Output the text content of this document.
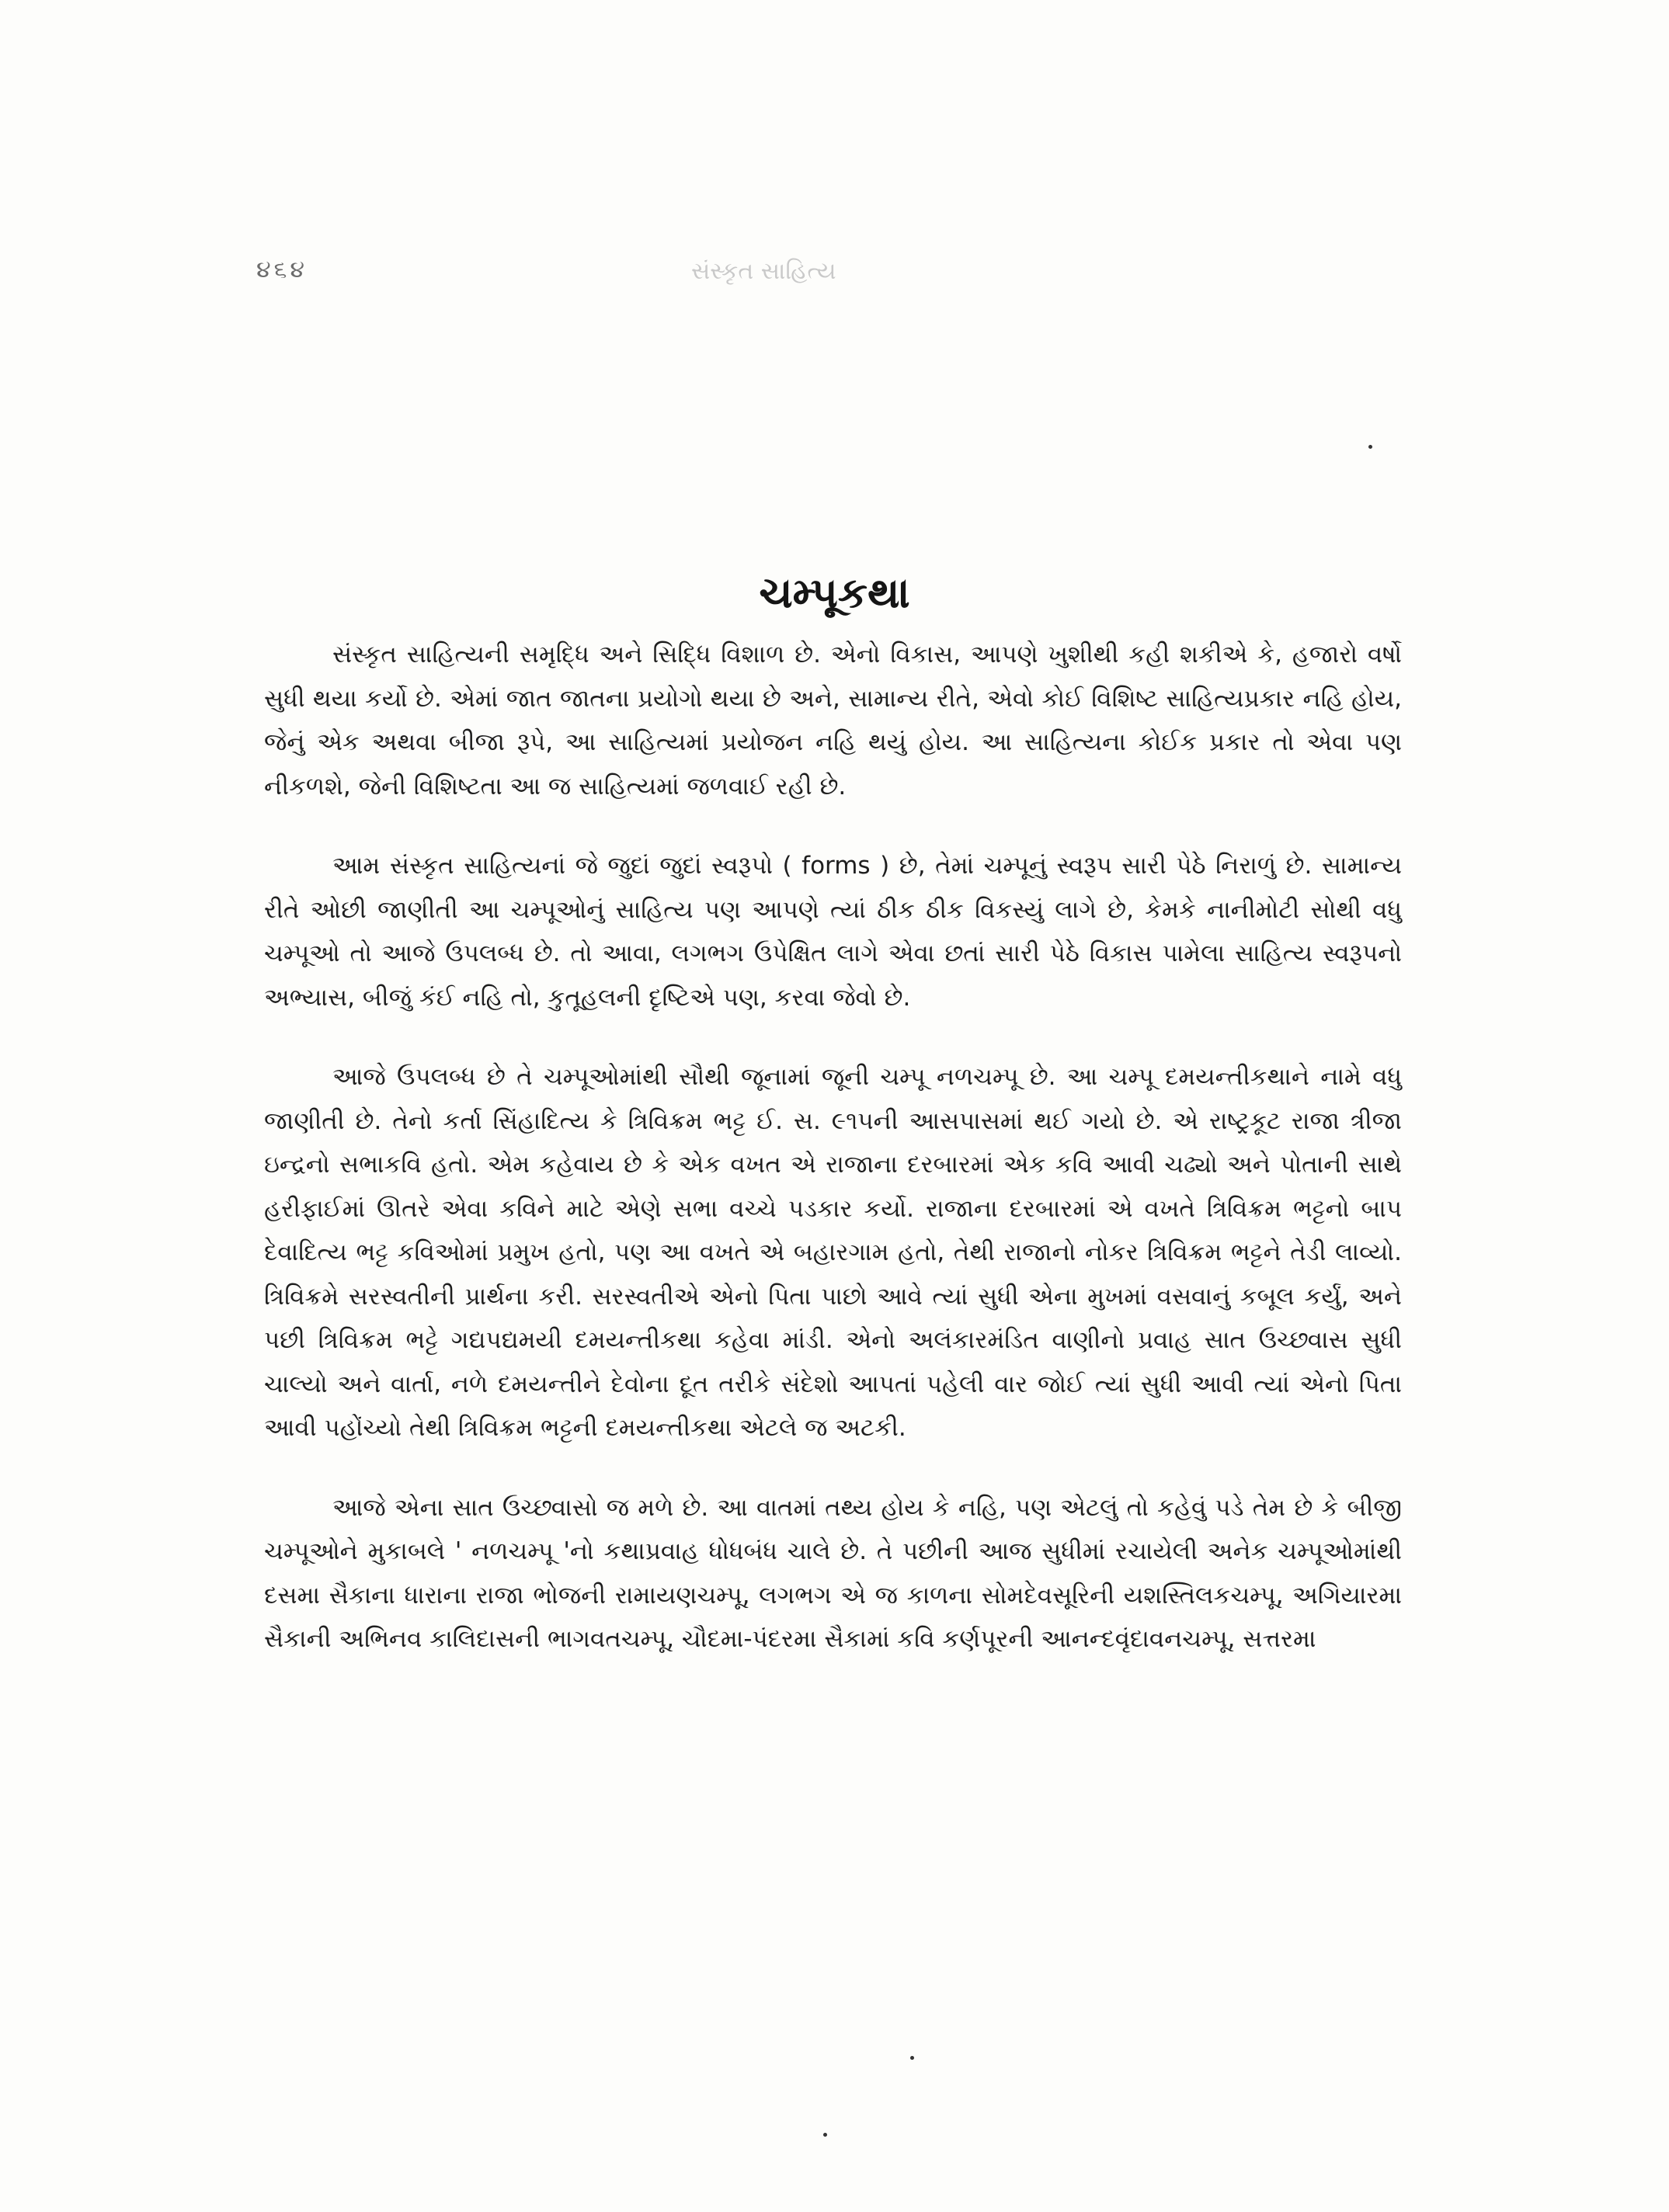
૪૬૪	સંસ્કૃત સાહિત્ય
ચમ્પૂકથા

સંસ્કૃત સાહિત્યની સમૃદ્ધિ અને સિદ્ધિ વિશાળ છે. એનો વિકાસ, આપણે ખુશીથી કહી શકીએ કે, હજારો વર્ષો સુધી થયા કર્યો છે. એમાં જાત જાતના પ્રયોગો થયા છે અને, સામાન્ય રીતે, એવો કોઈ વિશિષ્ટ સાહિત્યપ્રકાર નહિ હોય, જેનું એક અથવા બીજા રૂપે, આ સાહિત્યમાં પ્રયોજન નહિ થયું હોય. આ સાહિત્યના કોઈક પ્રકાર તો એવા પણ નીકળશે, જેની વિશિષ્ટતા આ જ સાહિત્યમાં જળવાઈ રહી છે.

આમ સંસ્કૃત સાહિત્યનાં જે જુદાં જુદાં સ્વરૂપો ( forms ) છે, તેમાં ચમ્પૂનું સ્વરૂપ સારી પેઠે નિરાળું છે. સામાન્ય રીતે ઓછી જાણીતી આ ચમ્પૂઓનું સાહિત્ય પણ આપણે ત્યાં ઠીક ઠીક વિકસ્યું લાગે છે, કેમકે નાનીમોટી સોથી વધુ ચમ્પૂઓ તો આજે ઉપલબ્ધ છે. તો આવા, લગભગ ઉપેક્ષિત લાગે એવા છતાં સારી પેઠે વિકાસ પામેલા સાહિત્ય સ્વરૂપનો અભ્યાસ, બીજું કંઈ નહિ તો, કુતૂહલની દૃષ્ટિએ પણ, કરવા જેવો છે.

આજે ઉપલબ્ધ છે તે ચમ્પૂઓમાંથી સૌથી જૂનામાં જૂની ચમ્પૂ નળચમ્પૂ છે. આ ચમ્પૂ દમયન્તીકથાને નામે વધુ જાણીતી છે. તેનો કર્તા સિંહાદિત્ય કે ત્રિવિક્રમ ભટ્ટ ઈ. સ. ૯૧૫ની આસપાસમાં થઈ ગયો છે. એ રાષ્ટ્રકૂટ રાજા ત્રીજા ઇન્દ્રનો સભાકવિ હતો. એમ કહેવાય છે કે એક વખત એ રાજાના દરબારમાં એક કવિ આવી ચઢ્યો અને પોતાની સાથે હરીફાઈમાં ઊતરે એવા કવિને માટે એણે સભા વચ્ચે પડકાર કર્યો. રાજાના દરબારમાં એ વખતે ત્રિવિક્રમ ભટ્ટનો બાપ દેવાદિત્ય ભટ્ટ કવિઓમાં પ્રમુખ હતો, પણ આ વખતે એ બહારગામ હતો, તેથી રાજાનો નોકર ત્રિવિક્રમ ભટ્ટને તેડી લાવ્યો. ત્રિવિક્રમે સરસ્વતીની પ્રાર્થના કરી. સરસ્વતીએ એનો પિતા પાછો આવે ત્યાં સુધી એના મુખમાં વસવાનું કબૂલ કર્યું, અને પછી ત્રિવિક્રમ ભટ્ટે ગદ્યપદ્યમયી દમયન્તીકથા કહેવા માંડી. એનો અલંકારમંડિત વાણીનો પ્રવાહ સાત ઉચ્છ્વાસ સુધી ચાલ્યો અને વાર્તા, નળે દમયન્તીને દેવોના દૂત તરીકે સંદેશો આપતાં પહેલી વાર જોઈ ત્યાં સુધી આવી ત્યાં એનો પિતા આવી પહોંચ્યો તેથી ત્રિવિક્રમ ભટ્ટની દમયન્તીકથા એટલે જ અટકી.

આજે એના સાત ઉચ્છ્વાસો જ મળે છે. આ વાતમાં તથ્ય હોય કે નહિ, પણ એટલું તો કહેવું પડે તેમ છે કે બીજી ચમ્પૂઓને મુકાબલે ' નળચમ્પૂ 'નો કથાપ્રવાહ ધોધબંધ ચાલે છે. તે પછીની આજ સુધીમાં રચાયેલી અનેક ચમ્પૂઓમાંથી દસમા સૈકાના ધારાના રાજા ભોજની રામાયણચમ્પૂ, લગભગ એ જ કાળના સોમદેવસૂરિની યશસ્તિલકચમ્પૂ, અગિયારમા સૈકાની અભિનવ કાલિદાસની ભાગવતચમ્પૂ, ચૌદમા-પંદરમા સૈકામાં કવિ કર્ણપૂરની આનન્દવૃંદાવનચમ્પૂ, સત્તરમા
